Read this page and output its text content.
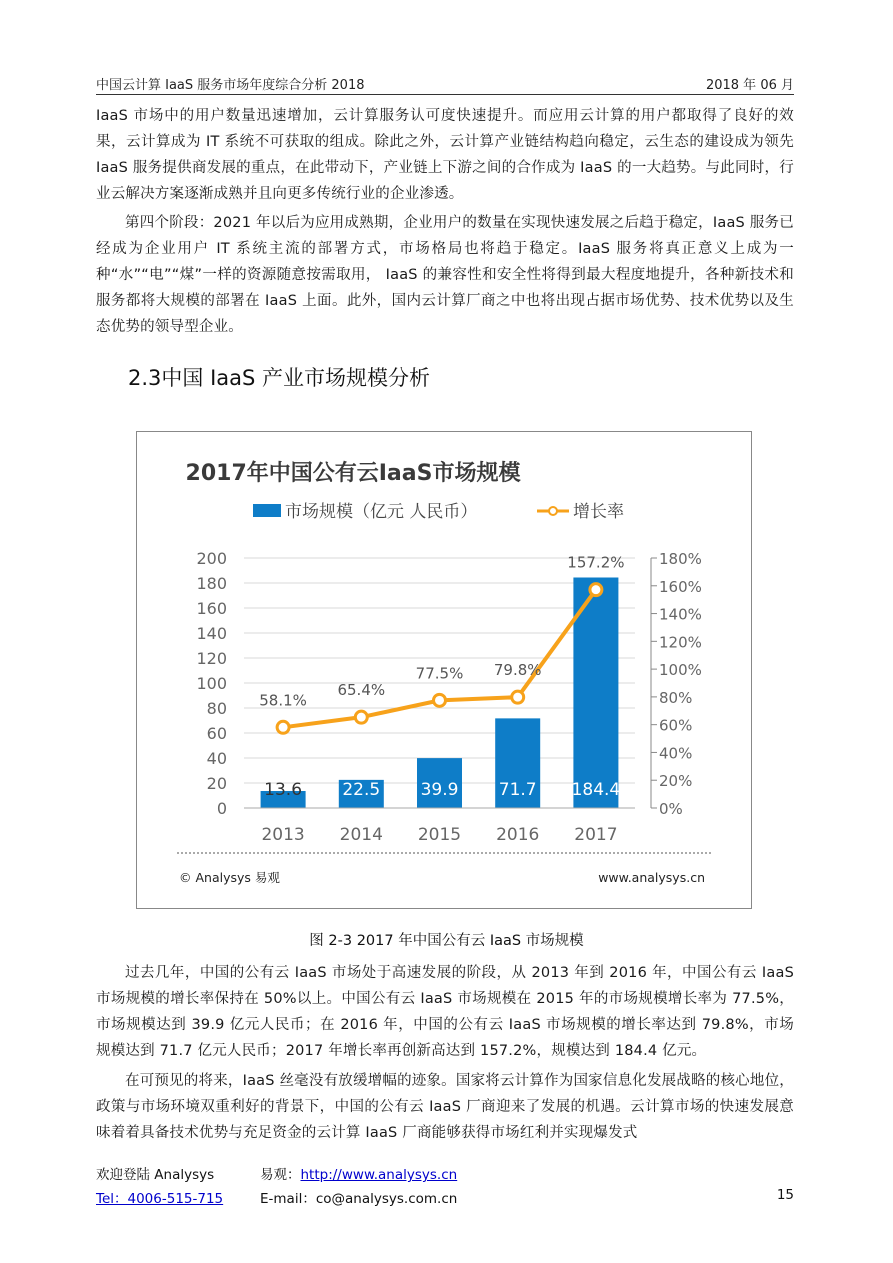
中国云计算 IaaS 服务市场年度综合分析 2018	2018 年 06 月

IaaS 市场中的用户数量迅速增加，云计算服务认可度快速提升。而应用云计算的用户都取得了良好的效果，云计算成为 IT 系统不可获取的组成。除此之外，云计算产业链结构趋向稳定，云生态的建设成为领先 IaaS 服务提供商发展的重点，在此带动下，产业链上下游之间的合作成为 IaaS 的一大趋势。与此同时，行业云解决方案逐渐成熟并且向更多传统行业的企业渗透。

第四个阶段：2021 年以后为应用成熟期，企业用户的数量在实现快速发展之后趋于稳定，IaaS 服务已经成为企业用户 IT 系统主流的部署方式，市场格局也将趋于稳定。IaaS 服务将真正意义上成为一种“水”“电”“煤”一样的资源随意按需取用， IaaS 的兼容性和安全性将得到最大程度地提升，各种新技术和服务都将大规模的部署在 IaaS 上面。此外，国内云计算厂商之中也将出现占据市场优势、技术优势以及生态优势的领导型企业。

2.3中国 IaaS 产业市场规模分析
2017年中国公有云IaaS市场规模
市场规模（亿元 人民币）	增长率
0
20
40
60
80
100
120
140
160
180
200
0%
20%
40%
60%
80%
100%
120%
140%
160%
180%
13.6 22.5 39.9 71.7 184.4
58.1%
65.4%
77.5% 79.8%
157.2%
2013 2014 2015 2016 2017
© Analysys 易观	www.analysys.cn
图 2-3 2017 年中国公有云 IaaS 市场规模

过去几年，中国的公有云 IaaS 市场处于高速发展的阶段，从 2013 年到 2016 年，中国公有云 IaaS 市场规模的增长率保持在 50%以上。中国公有云 IaaS 市场规模在 2015 年的市场规模增长率为 77.5%，市场规模达到 39.9 亿元人民币；在 2016 年，中国的公有云 IaaS 市场规模的增长率达到 79.8%，市场规模达到 71.7 亿元人民币；2017 年增长率再创新高达到 157.2%，规模达到 184.4 亿元。

在可预见的将来，IaaS 丝毫没有放缓增幅的迹象。国家将云计算作为国家信息化发展战略的核心地位，政策与市场环境双重利好的背景下，中国的公有云 IaaS 厂商迎来了发展的机遇。云计算市场的快速发展意味着着具备技术优势与充足资金的云计算 IaaS 厂商能够获得市场红利并实现爆发式

欢迎登陆 Analysys	易观：http://www.analysys.cn
Tel：4006-515-715	E-mail：co@analysys.com.cn	15
